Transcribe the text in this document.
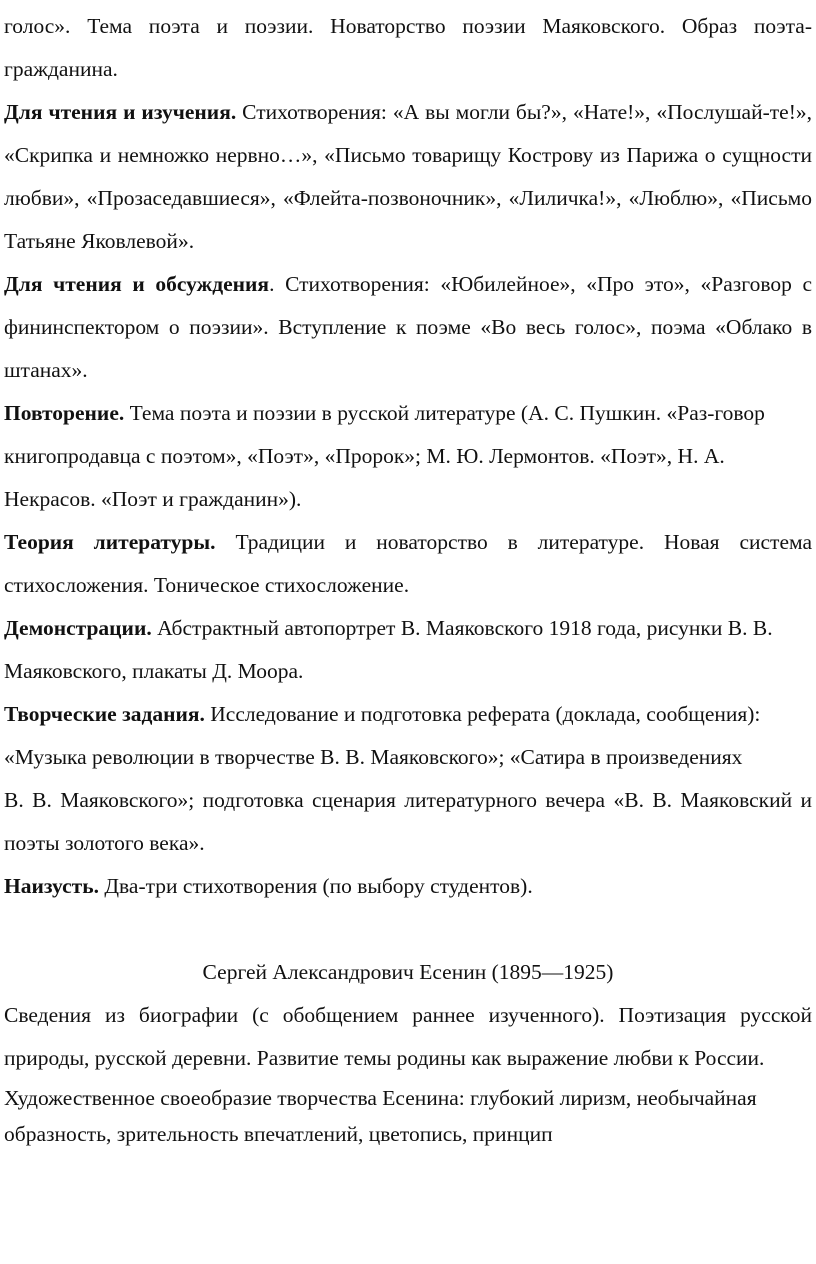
голос». Тема поэта и поэзии. Новаторство поэзии Маяковского. Образ поэта-гражданина.

Для чтения и изучения. Стихотворения: «А вы могли бы?», «Нате!», «Послушай-те!», «Скрипка и немножко нервно…», «Письмо товарищу Кострову из Парижа о сущности любви», «Прозаседавшиеся», «Флейта-позвоночник», «Лиличка!», «Люблю», «Письмо Татьяне Яковлевой».

Для чтения и обсуждения. Стихотворения: «Юбилейное», «Про это», «Разговор с фининспектором о поэзии». Вступление к поэме «Во весь голос», поэма «Облако в штанах».

Повторение. Тема поэта и поэзии в русской литературе (А. С. Пушкин. «Раз-говор книгопродавца с поэтом», «Поэт», «Пророк»; М. Ю. Лермонтов. «Поэт», Н. А. Некрасов. «Поэт и гражданин»).

Теория литературы. Традиции и новаторство в литературе. Новая система стихосложения. Тоническое стихосложение.

Демонстрации. Абстрактный автопортрет В. Маяковского 1918 года, рисунки В. В. Маяковского, плакаты Д. Моора.

Творческие задания. Исследование и подготовка реферата (доклада, сообщения):

«Музыка революции в творчестве В. В. Маяковского»; «Сатира в произведениях

В. В. Маяковского»; подготовка сценария литературного вечера «В. В. Маяковский и поэты золотого века».

Наизусть. Два-три стихотворения (по выбору студентов).

Сергей Александрович Есенин (1895—1925)

Сведения из биографии (с обобщением раннее изученного). Поэтизация русской природы, русской деревни. Развитие темы родины как выражение любви к России.

Художественное своеобразие творчества Есенина: глубокий лиризм, необычайная образность, зрительность впечатлений, цветопись, принцип
